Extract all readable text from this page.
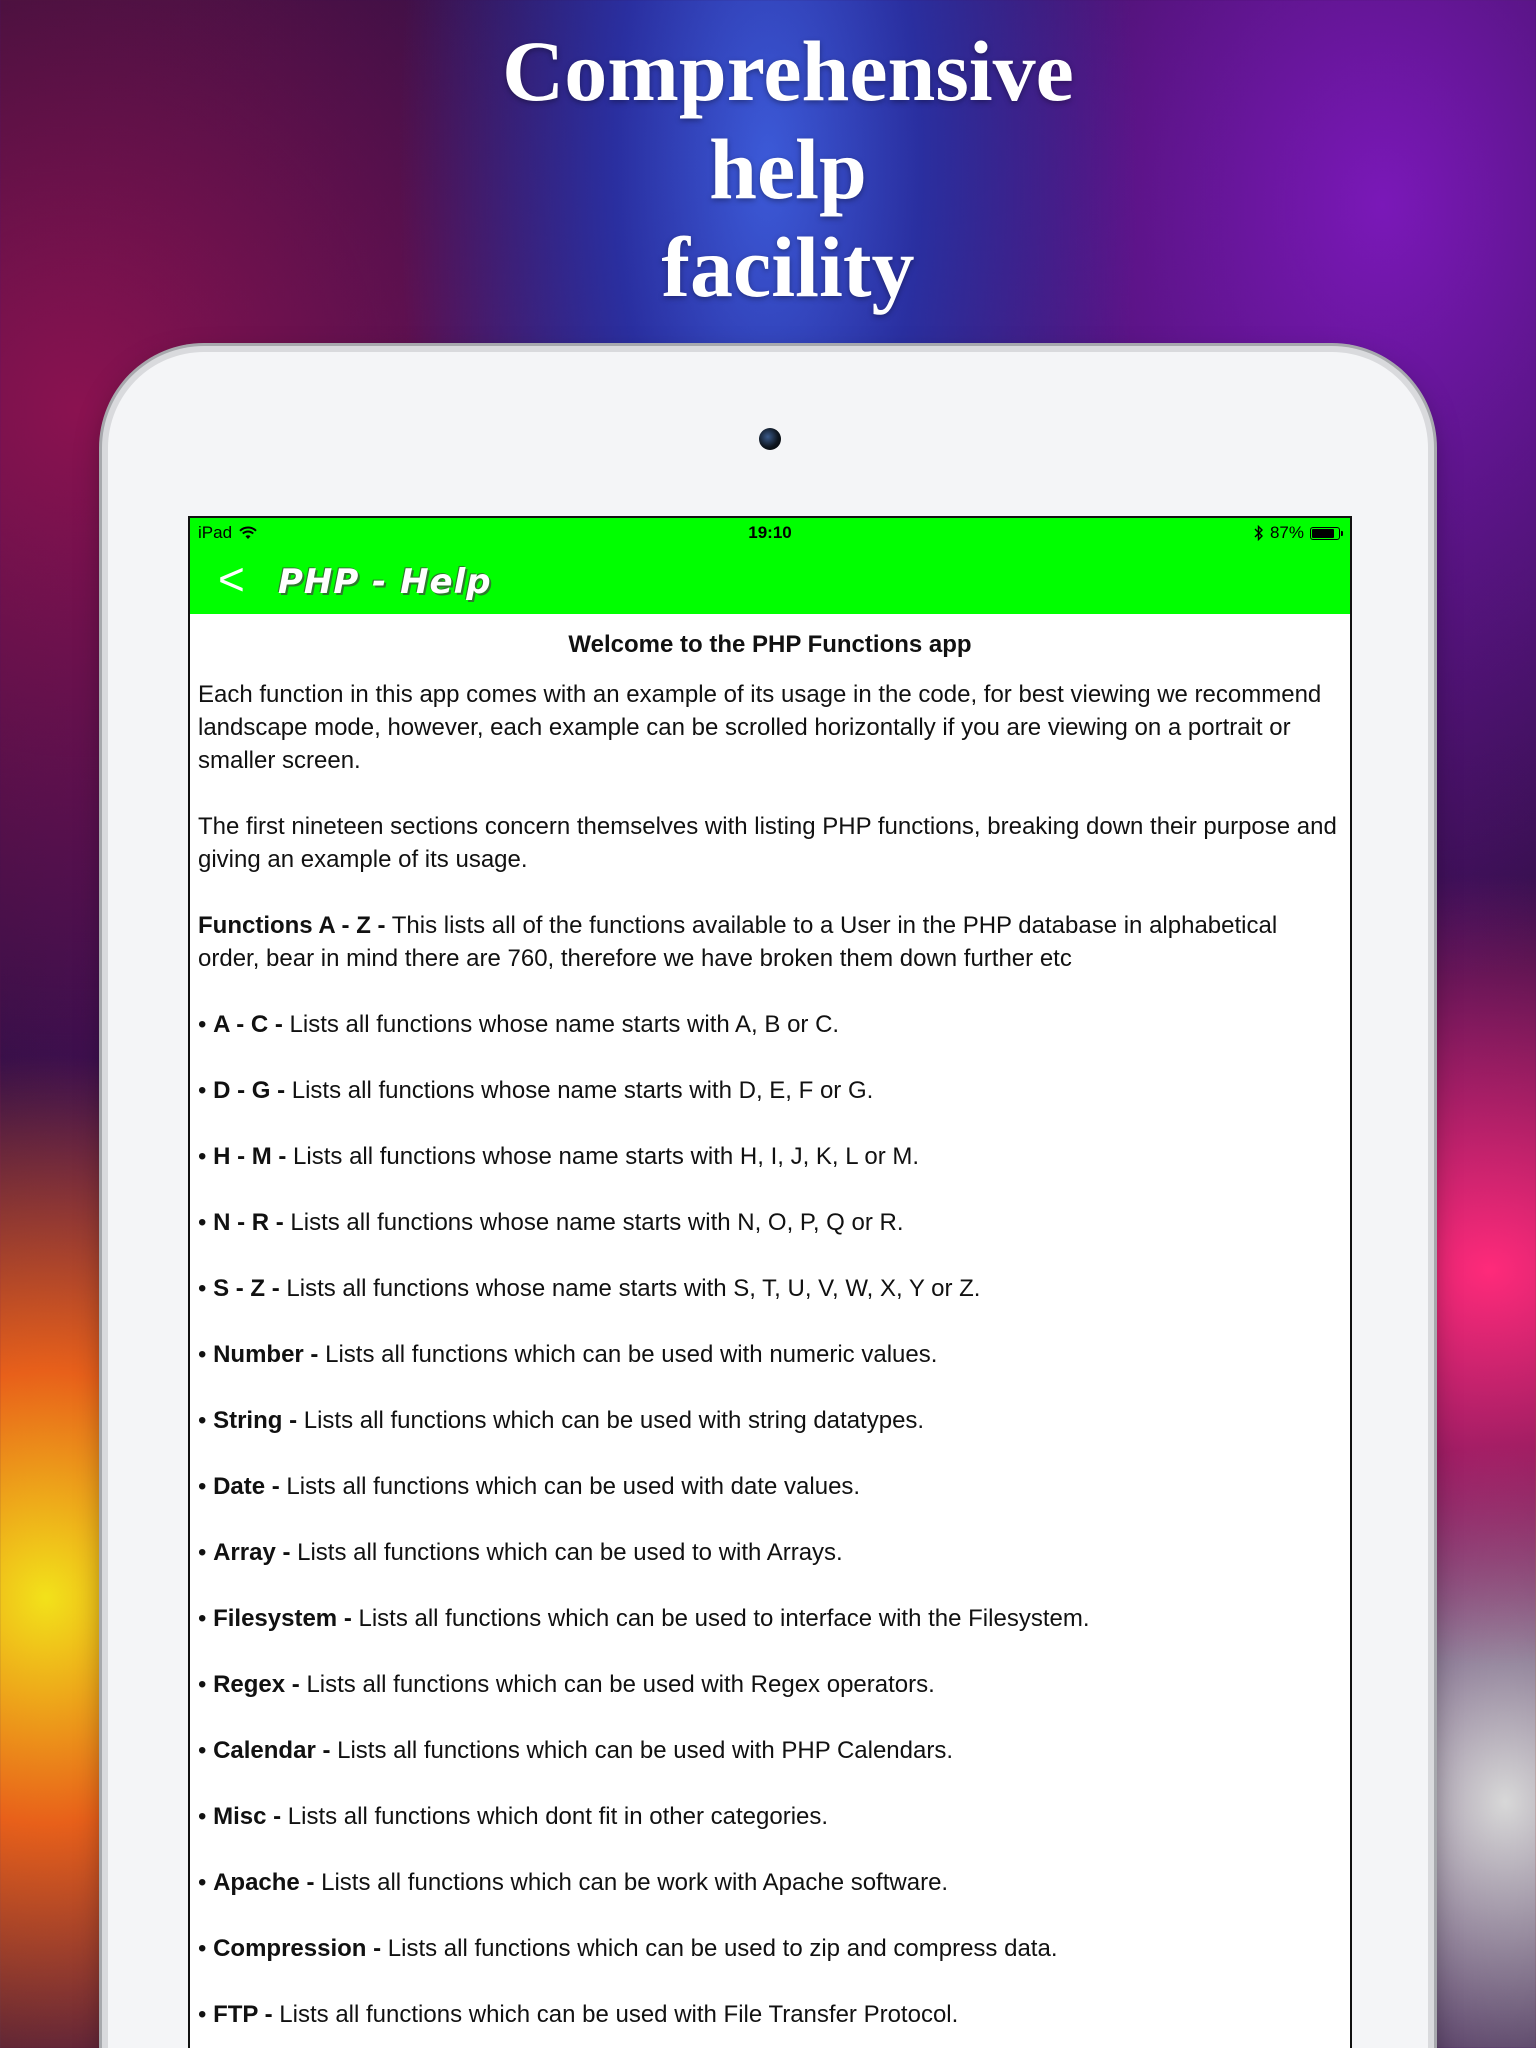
Comprehensive
help
facility
iPad	19:10	87%
< PHP - Help
Welcome to the PHP Functions app

Each function in this app comes with an example of its usage in the code, for best viewing we recommend landscape mode, however, each example can be scrolled horizontally if you are viewing on a portrait or smaller screen.

The first nineteen sections concern themselves with listing PHP functions, breaking down their purpose and giving an example of its usage.

Functions A - Z - This lists all of the functions available to a User in the PHP database in alphabetical order, bear in mind there are 760, therefore we have broken them down further etc

• A - C - Lists all functions whose name starts with A, B or C.

• D - G - Lists all functions whose name starts with D, E, F or G.

• H - M - Lists all functions whose name starts with H, I, J, K, L or M.

• N - R - Lists all functions whose name starts with N, O, P, Q or R.

• S - Z - Lists all functions whose name starts with S, T, U, V, W, X, Y or Z.

• Number - Lists all functions which can be used with numeric values.

• String - Lists all functions which can be used with string datatypes.

• Date - Lists all functions which can be used with date values.

• Array - Lists all functions which can be used to with Arrays.

• Filesystem - Lists all functions which can be used to interface with the Filesystem.

• Regex - Lists all functions which can be used with Regex operators.

• Calendar - Lists all functions which can be used with PHP Calendars.

• Misc - Lists all functions which dont fit in other categories.

• Apache - Lists all functions which can be work with Apache software.

• Compression - Lists all functions which can be used to zip and compress data.

• FTP - Lists all functions which can be used with File Transfer Protocol.
